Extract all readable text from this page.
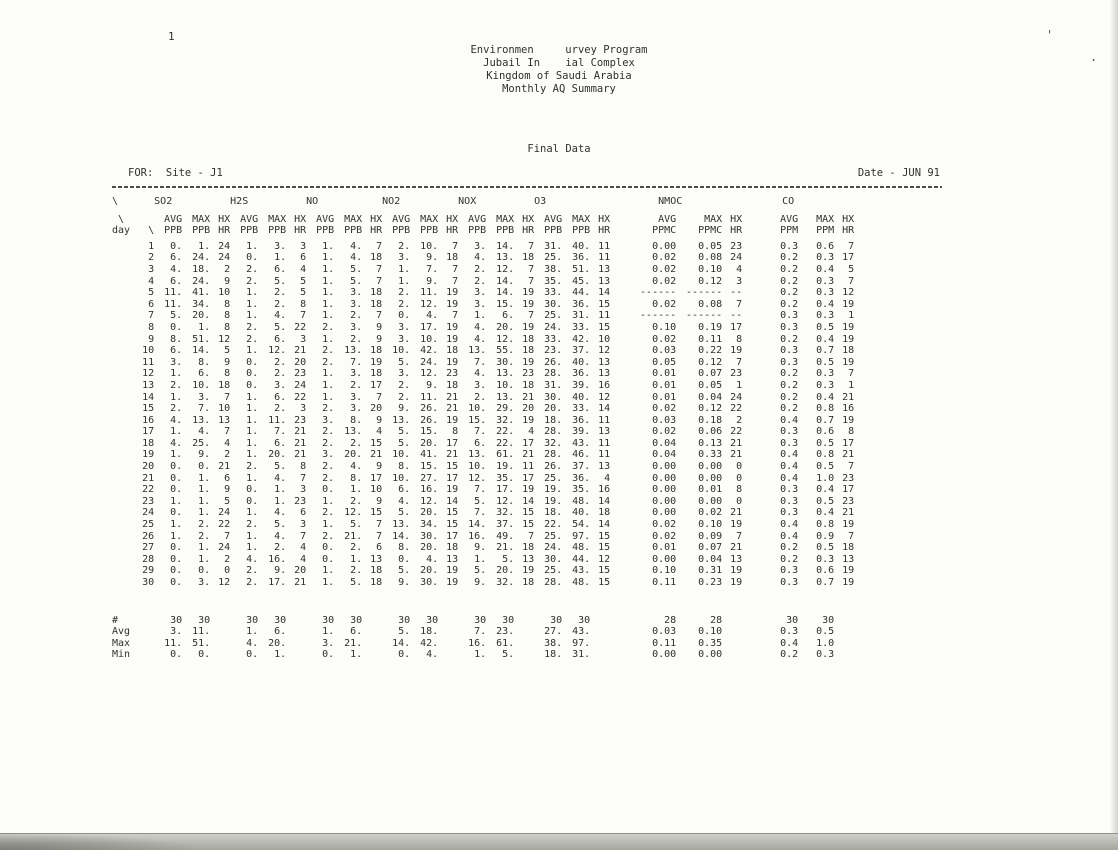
'
.
1
Environmen     urvey Program
Jubail In    ial Complex
Kingdom of Saudi Arabia
Monthly AQ Summary
Final Data
FOR:  Site - J1	Date - JUN 91
\	SO2			H2S			NO			NO2			NOX			O3			NMOC			CO		
\	AVG	MAX	HX	AVG	MAX	HX	AVG	MAX	HX	AVG	MAX	HX	AVG	MAX	HX	AVG	MAX	HX	AVG	MAX	HX	AVG	MAX	HX
day   \	PPB	PPB	HR	PPB	PPB	HR	PPB	PPB	HR	PPB	PPB	HR	PPB	PPB	HR	PPB	PPB	HR	PPMC	PPMC	HR	PPM	PPM	HR
1	0.	1.	24	1.	3.	3	1.	4.	7	2.	10.	7	3.	14.	7	31.	40.	11	0.00	0.05	23	0.3	0.6	7
2	6.	24.	24	0.	1.	6	1.	4.	18	3.	9.	18	4.	13.	18	25.	36.	11	0.02	0.08	24	0.2	0.3	17
3	4.	18.	2	2.	6.	4	1.	5.	7	1.	7.	7	2.	12.	7	38.	51.	13	0.02	0.10	4	0.2	0.4	5
4	6.	24.	9	2.	5.	5	1.	5.	7	1.	9.	7	2.	14.	7	35.	45.	13	0.02	0.12	3	0.2	0.3	7
5	11.	41.	10	1.	2.	5	1.	3.	18	2.	11.	19	3.	14.	19	33.	44.	14	------	------	--	0.2	0.3	12
6	11.	34.	8	1.	2.	8	1.	3.	18	2.	12.	19	3.	15.	19	30.	36.	15	0.02	0.08	7	0.2	0.4	19
7	5.	20.	8	1.	4.	7	1.	2.	7	0.	4.	7	1.	6.	7	25.	31.	11	------	------	--	0.3	0.3	1
8	0.	1.	8	2.	5.	22	2.	3.	9	3.	17.	19	4.	20.	19	24.	33.	15	0.10	0.19	17	0.3	0.5	19
9	8.	51.	12	2.	6.	3	1.	2.	9	3.	10.	19	4.	12.	18	33.	42.	10	0.02	0.11	8	0.2	0.4	19
10	6.	14.	5	1.	12.	21	2.	13.	18	10.	42.	18	13.	55.	18	23.	37.	12	0.03	0.22	19	0.3	0.7	18
11	3.	8.	9	0.	2.	20	2.	7.	19	5.	24.	19	7.	30.	19	26.	40.	13	0.05	0.12	7	0.3	0.5	19
12	1.	6.	8	0.	2.	23	1.	3.	18	3.	12.	23	4.	13.	23	28.	36.	13	0.01	0.07	23	0.2	0.3	7
13	2.	10.	18	0.	3.	24	1.	2.	17	2.	9.	18	3.	10.	18	31.	39.	16	0.01	0.05	1	0.2	0.3	1
14	1.	3.	7	1.	6.	22	1.	3.	7	2.	11.	21	2.	13.	21	30.	40.	12	0.01	0.04	24	0.2	0.4	21
15	2.	7.	10	1.	2.	3	2.	3.	20	9.	26.	21	10.	29.	20	20.	33.	14	0.02	0.12	22	0.2	0.8	16
16	4.	13.	13	1.	11.	23	3.	8.	9	13.	26.	19	15.	32.	19	18.	36.	11	0.03	0.18	2	0.4	0.7	19
17	1.	4.	7	1.	7.	21	2.	13.	4	5.	15.	8	7.	22.	4	28.	39.	13	0.02	0.06	22	0.3	0.6	8
18	4.	25.	4	1.	6.	21	2.	2.	15	5.	20.	17	6.	22.	17	32.	43.	11	0.04	0.13	21	0.3	0.5	17
19	1.	9.	2	1.	20.	21	3.	20.	21	10.	41.	21	13.	61.	21	28.	46.	11	0.04	0.33	21	0.4	0.8	21
20	0.	0.	21	2.	5.	8	2.	4.	9	8.	15.	15	10.	19.	11	26.	37.	13	0.00	0.00	0	0.4	0.5	7
21	0.	1.	6	1.	4.	7	2.	8.	17	10.	27.	17	12.	35.	17	25.	36.	4	0.00	0.00	0	0.4	1.0	23
22	0.	1.	9	0.	1.	3	0.	1.	10	6.	16.	19	7.	17.	19	19.	35.	16	0.00	0.01	8	0.3	0.4	17
23	1.	1.	5	0.	1.	23	1.	2.	9	4.	12.	14	5.	12.	14	19.	48.	14	0.00	0.00	0	0.3	0.5	23
24	0.	1.	24	1.	4.	6	2.	12.	15	5.	20.	15	7.	32.	15	18.	40.	18	0.00	0.02	21	0.3	0.4	21
25	1.	2.	22	2.	5.	3	1.	5.	7	13.	34.	15	14.	37.	15	22.	54.	14	0.02	0.10	19	0.4	0.8	19
26	1.	2.	7	1.	4.	7	2.	21.	7	14.	30.	17	16.	49.	7	25.	97.	15	0.02	0.09	7	0.4	0.9	7
27	0.	1.	24	1.	2.	4	0.	2.	6	8.	20.	18	9.	21.	18	24.	48.	15	0.01	0.07	21	0.2	0.5	18
28	0.	1.	2	4.	16.	4	0.	1.	13	0.	4.	13	1.	5.	13	30.	44.	12	0.00	0.04	13	0.2	0.3	13
29	0.	0.	0	2.	9.	20	1.	2.	18	5.	20.	19	5.	20.	19	25.	43.	15	0.10	0.31	19	0.3	0.6	19
30	0.	3.	12	2.	17.	21	1.	5.	18	9.	30.	19	9.	32.	18	28.	48.	15	0.11	0.23	19	0.3	0.7	19

#	30	30		30	30		30	30		30	30		30	30		30	30		28	28		30	30	
Avg	3.	11.		1.	6.		1.	6.		5.	18.		7.	23.		27.	43.		0.03	0.10		0.3	0.5	
Max	11.	51.		4.	20.		3.	21.		14.	42.		16.	61.		38.	97.		0.11	0.35		0.4	1.0	
Min	0.	0.		0.	1.		0.	1.		0.	4.		1.	5.		18.	31.		0.00	0.00		0.2	0.3	
